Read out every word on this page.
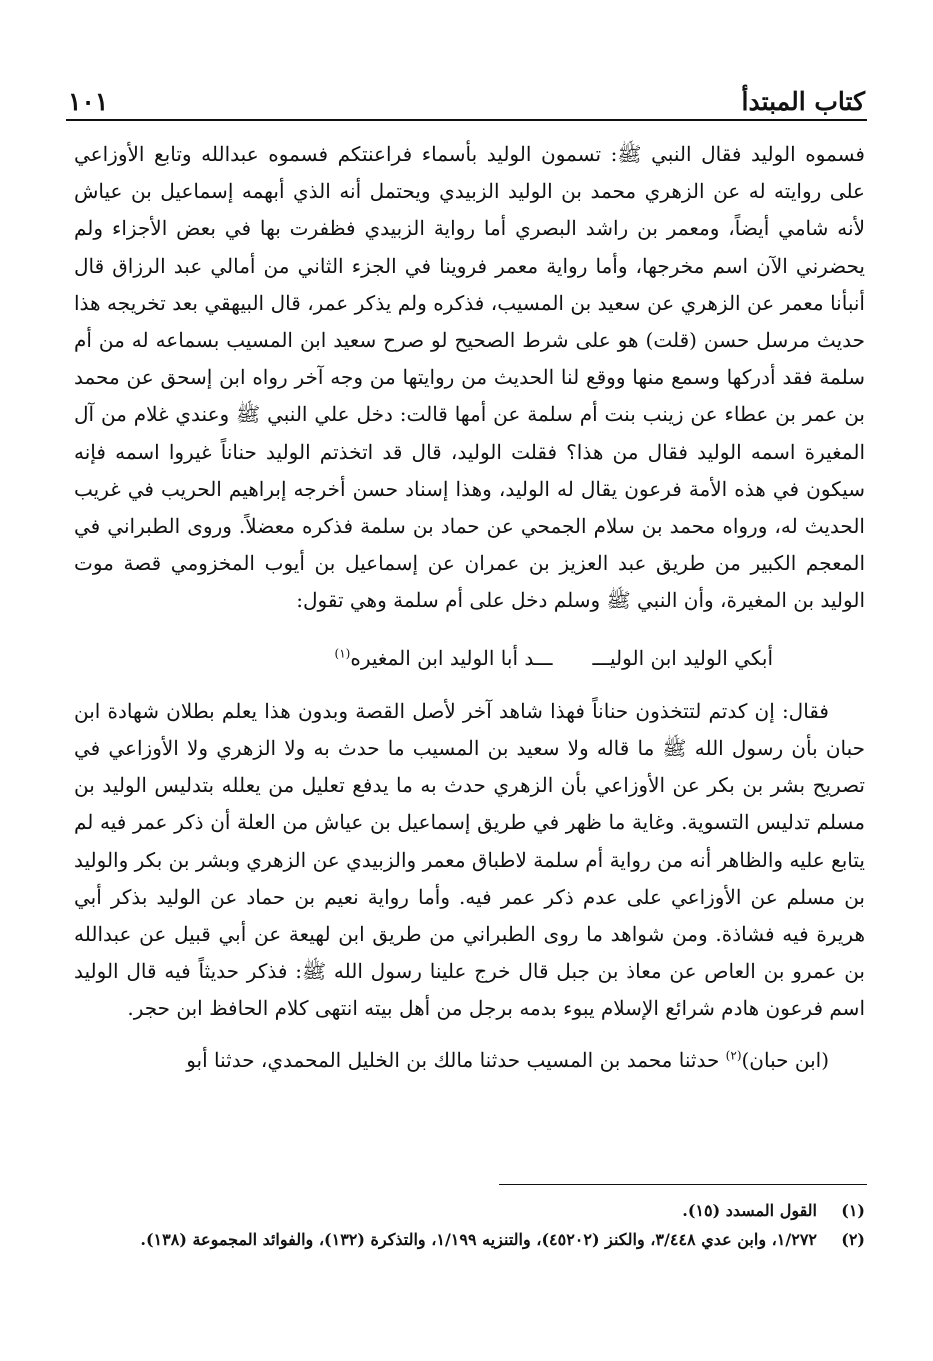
كتاب المبتدأ
١٠١

فسموه الوليد فقال النبي ﷺ: تسمون الوليد بأسماء فراعنتكم فسموه عبدالله وتابع الأوزاعي على روايته له عن الزهري محمد بن الوليد الزبيدي ويحتمل أنه الذي أبهمه إسماعيل بن عياش لأنه شامي أيضاً، ومعمر بن راشد البصري أما رواية الزبيدي فظفرت بها في بعض الأجزاء ولم يحضرني الآن اسم مخرجها، وأما رواية معمر فروينا في الجزء الثاني من أمالي عبد الرزاق قال أنبأنا معمر عن الزهري عن سعيد بن المسيب، فذكره ولم يذكر عمر، قال البيهقي بعد تخريجه هذا حديث مرسل حسن (قلت) هو على شرط الصحيح لو صرح سعيد ابن المسيب بسماعه له من أم سلمة فقد أدركها وسمع منها ووقع لنا الحديث من روايتها من وجه آخر رواه ابن إسحق عن محمد بن عمر بن عطاء عن زينب بنت أم سلمة عن أمها قالت: دخل علي النبي ﷺ وعندي غلام من آل المغيرة اسمه الوليد فقال من هذا؟ فقلت الوليد، قال قد اتخذتم الوليد حناناً غيروا اسمه فإنه سيكون في هذه الأمة فرعون يقال له الوليد، وهذا إسناد حسن أخرجه إبراهيم الحريب في غريب الحديث له، ورواه محمد بن سلام الجمحي عن حماد بن سلمة فذكره معضلاً. وروى الطبراني في المعجم الكبير من طريق عبد العزيز بن عمران عن إسماعيل بن أيوب المخزومي قصة موت الوليد بن المغيرة، وأن النبي ﷺ وسلم دخل على أم سلمة وهي تقول:

أبكي الوليد ابن الوليــــــد أبا الوليد ابن المغيره$^{(١)}$

فقال: إن كدتم لتتخذون حناناً فهذا شاهد آخر لأصل القصة وبدون هذا يعلم بطلان شهادة ابن حبان بأن رسول الله ﷺ ما قاله ولا سعيد بن المسيب ما حدث به ولا الزهري ولا الأوزاعي في تصريح بشر بن بكر عن الأوزاعي بأن الزهري حدث به ما يدفع تعليل من يعلله بتدليس الوليد بن مسلم تدليس التسوية. وغاية ما ظهر في طريق إسماعيل بن عياش من العلة أن ذكر عمر فيه لم يتابع عليه والظاهر أنه من رواية أم سلمة لاطباق معمر والزبيدي عن الزهري وبشر بن بكر والوليد بن مسلم عن الأوزاعي على عدم ذكر عمر فيه. وأما رواية نعيم بن حماد عن الوليد بذكر أبي هريرة فيه فشاذة. ومن شواهد ما روى الطبراني من طريق ابن لهيعة عن أبي قبيل عن عبدالله بن عمرو بن العاص عن معاذ بن جبل قال خرج علينا رسول الله ﷺ: فذكر حديثاً فيه قال الوليد اسم فرعون هادم شرائع الإسلام يبوء بدمه برجل من أهل بيته انتهى كلام الحافظ ابن حجر.

(ابن حبان)$^{(٢)}$ حدثنا محمد بن المسيب حدثنا مالك بن الخليل المحمدي، حدثنا أبو

(١)
القول المسدد (١٥).
(٢)
١/٢٧٢، وابن عدي ٣/٤٤٨، والكنز (٤٥٢٠٢)، والتنزيه ١/١٩٩، والتذكرة (١٣٢)، والفوائد المجموعة (١٣٨).
